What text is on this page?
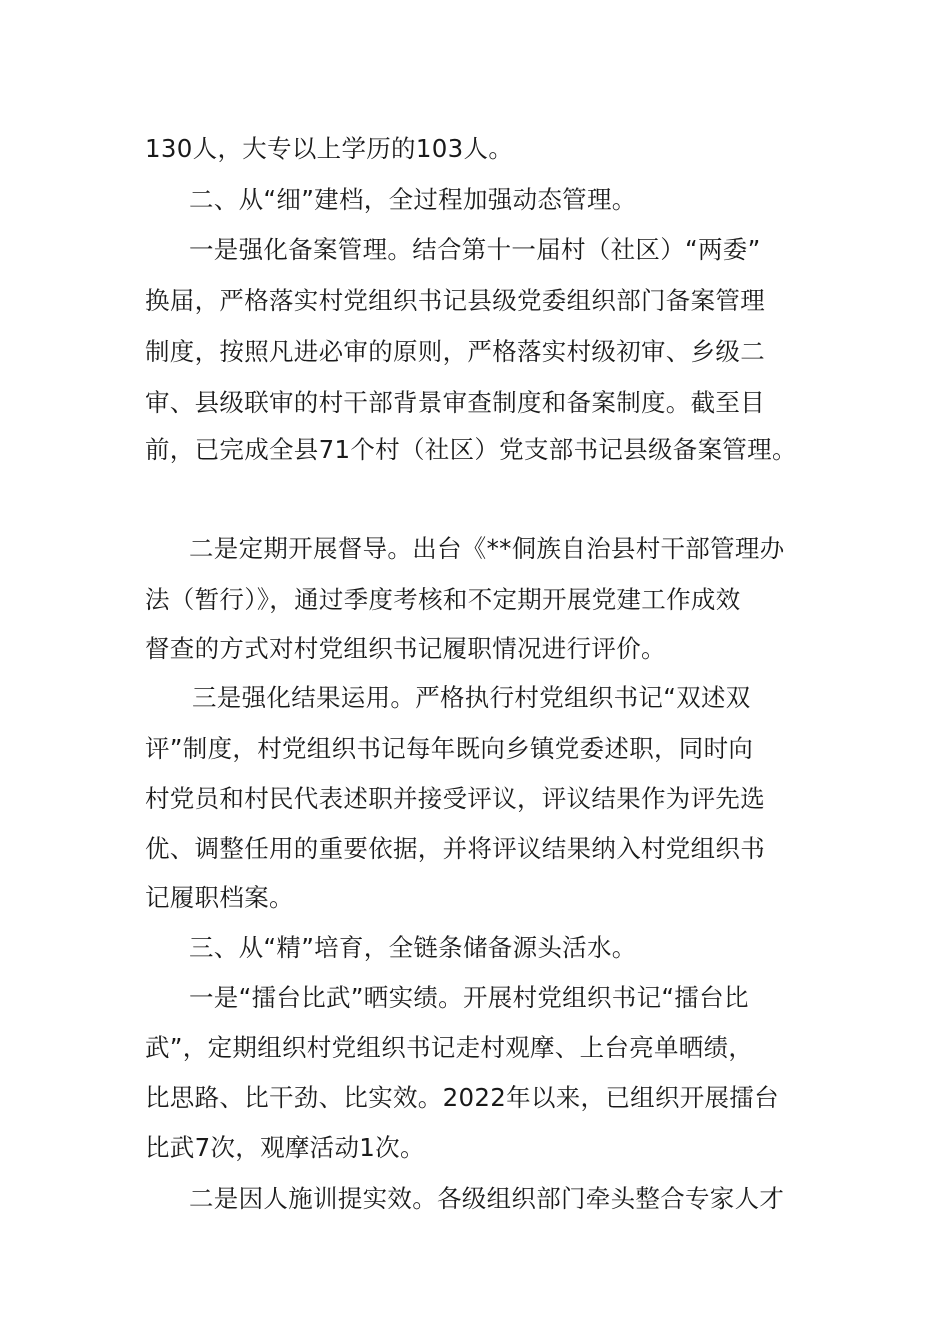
130人，大专以上学历的103人。
二、从“细”建档，全过程加强动态管理。
一是强化备案管理。结合第十一届村（社区）“两委”
换届，严格落实村党组织书记县级党委组织部门备案管理
制度，按照凡进必审的原则，严格落实村级初审、乡级二
审、县级联审的村干部背景审查制度和备案制度。截至目
前，已完成全县71个村（社区）党支部书记县级备案管理。
二是定期开展督导。出台《**侗族自治县村干部管理办
法（暂行）》，通过季度考核和不定期开展党建工作成效
督查的方式对村党组织书记履职情况进行评价。
三是强化结果运用。严格执行村党组织书记“双述双
评”制度，村党组织书记每年既向乡镇党委述职，同时向
村党员和村民代表述职并接受评议，评议结果作为评先选
优、调整任用的重要依据，并将评议结果纳入村党组织书
记履职档案。
三、从“精”培育，全链条储备源头活水。
一是“擂台比武”晒实绩。开展村党组织书记“擂台比
武”，定期组织村党组织书记走村观摩、上台亮单晒绩，
比思路、比干劲、比实效。2022年以来，已组织开展擂台
比武7次，观摩活动1次。
二是因人施训提实效。各级组织部门牵头整合专家人才
